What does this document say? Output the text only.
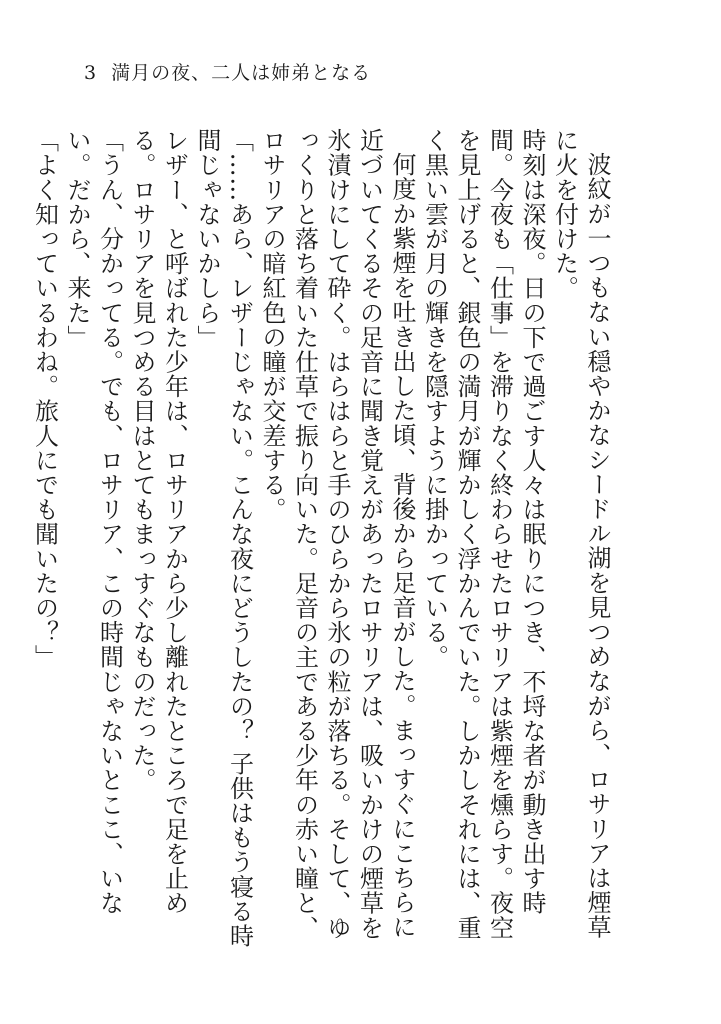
3 満月の夜、二人は姉弟となる

波紋が一つもない穏やかなシードル湖を見つめながら、ロサリアは煙草に火を付けた。

時刻は深夜。日の下で過ごす人々は眠りにつき、不埒な者が動き出す時間。今夜も「仕事」を滞りなく終わらせたロサリアは紫煙を燻らす。夜空を見上げると、銀色の満月が輝かしく浮かんでいた。しかしそれには、重く黒い雲が月の輝きを隠すように掛かっている。

何度か紫煙を吐き出した頃、背後から足音がした。まっすぐにこちらに近づいてくるその足音に聞き覚えがあったロサリアは、吸いかけの煙草を氷漬けにして砕く。はらはらと手のひらから氷の粒が落ちる。そして、ゆっくりと落ち着いた仕草で振り向いた。足音の主である少年の赤い瞳と、ロサリアの暗紅色の瞳が交差する。

「……あら、レザーじゃない。こんな夜にどうしたの？ 子供はもう寝る時間じゃないかしら」

レザー、と呼ばれた少年は、ロサリアから少し離れたところで足を止める。ロサリアを見つめる目はとてもまっすぐなものだった。

「うん、分かってる。でも、ロサリア、この時間じゃないとここ、いない。だから、来た」

「よく知っているわね。旅人にでも聞いたの？」
